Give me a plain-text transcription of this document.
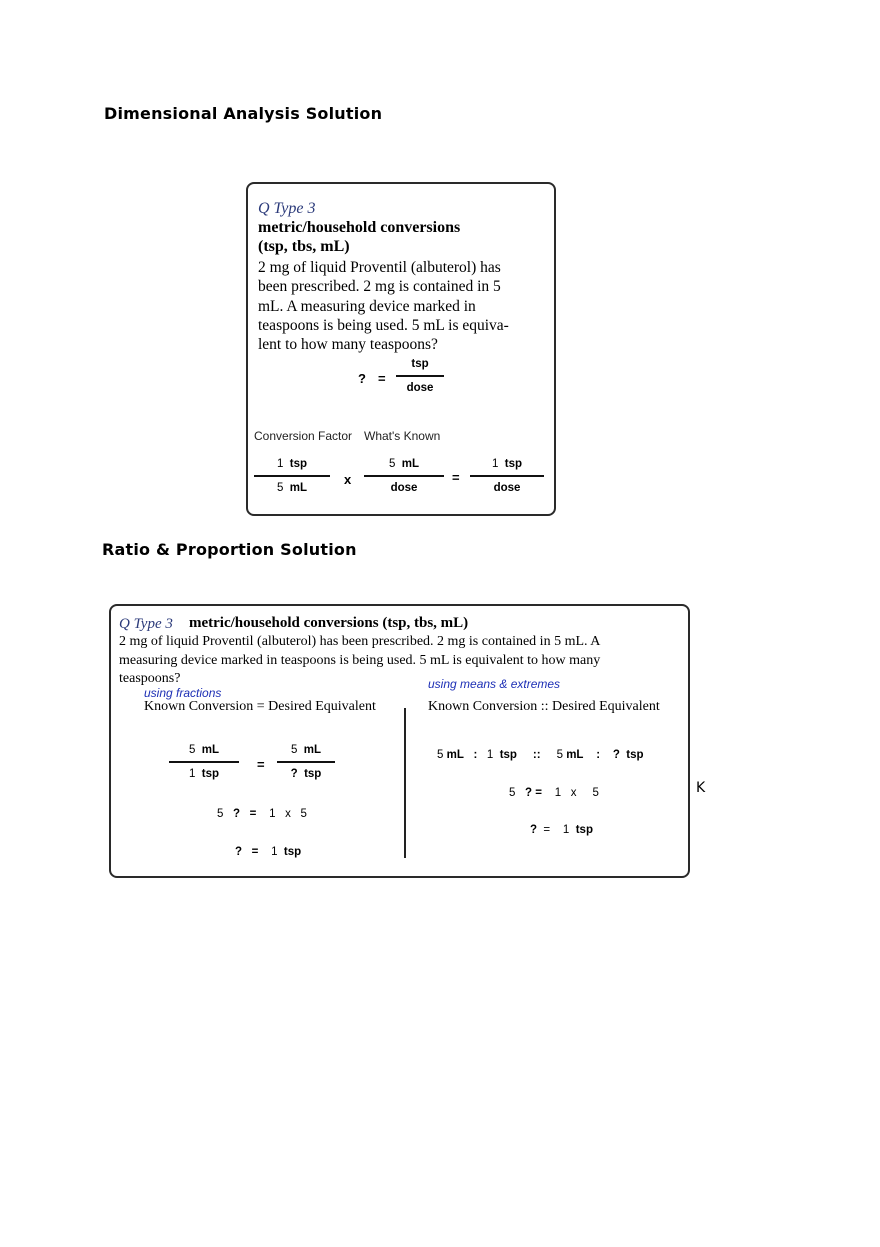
Dimensional Analysis Solution
Q Type 3
metric/household conversions
(tsp, tbs, mL)
2 mg of liquid Proventil (albuterol) has
been prescribed. 2 mg is contained in 5
mL. A measuring device marked in
teaspoons is being used. 5 mL is equiva-
lent to how many teaspoons?
? =
tsp
dose
Conversion Factor What's Known
1 tsp
5 mL
x
5 mL
dose
=
1 tsp
dose
Ratio & Proportion Solution
Q Type 3 metric/household conversions (tsp, tbs, mL)
2 mg of liquid Proventil (albuterol) has been prescribed. 2 mg is contained in 5 mL. A
measuring device marked in teaspoons is being used. 5 mL is equivalent to how many
teaspoons?
using fractions
Known Conversion = Desired Equivalent
5 mL
1 tsp
=
5 mL
? tsp
5 ? = 1 x 5
? = 1 tsp
using means & extremes
Known Conversion :: Desired Equivalent
5 mL : 1 tsp :: 5 mL : ? tsp
5 ? = 1 x 5
? = 1 tsp
K
